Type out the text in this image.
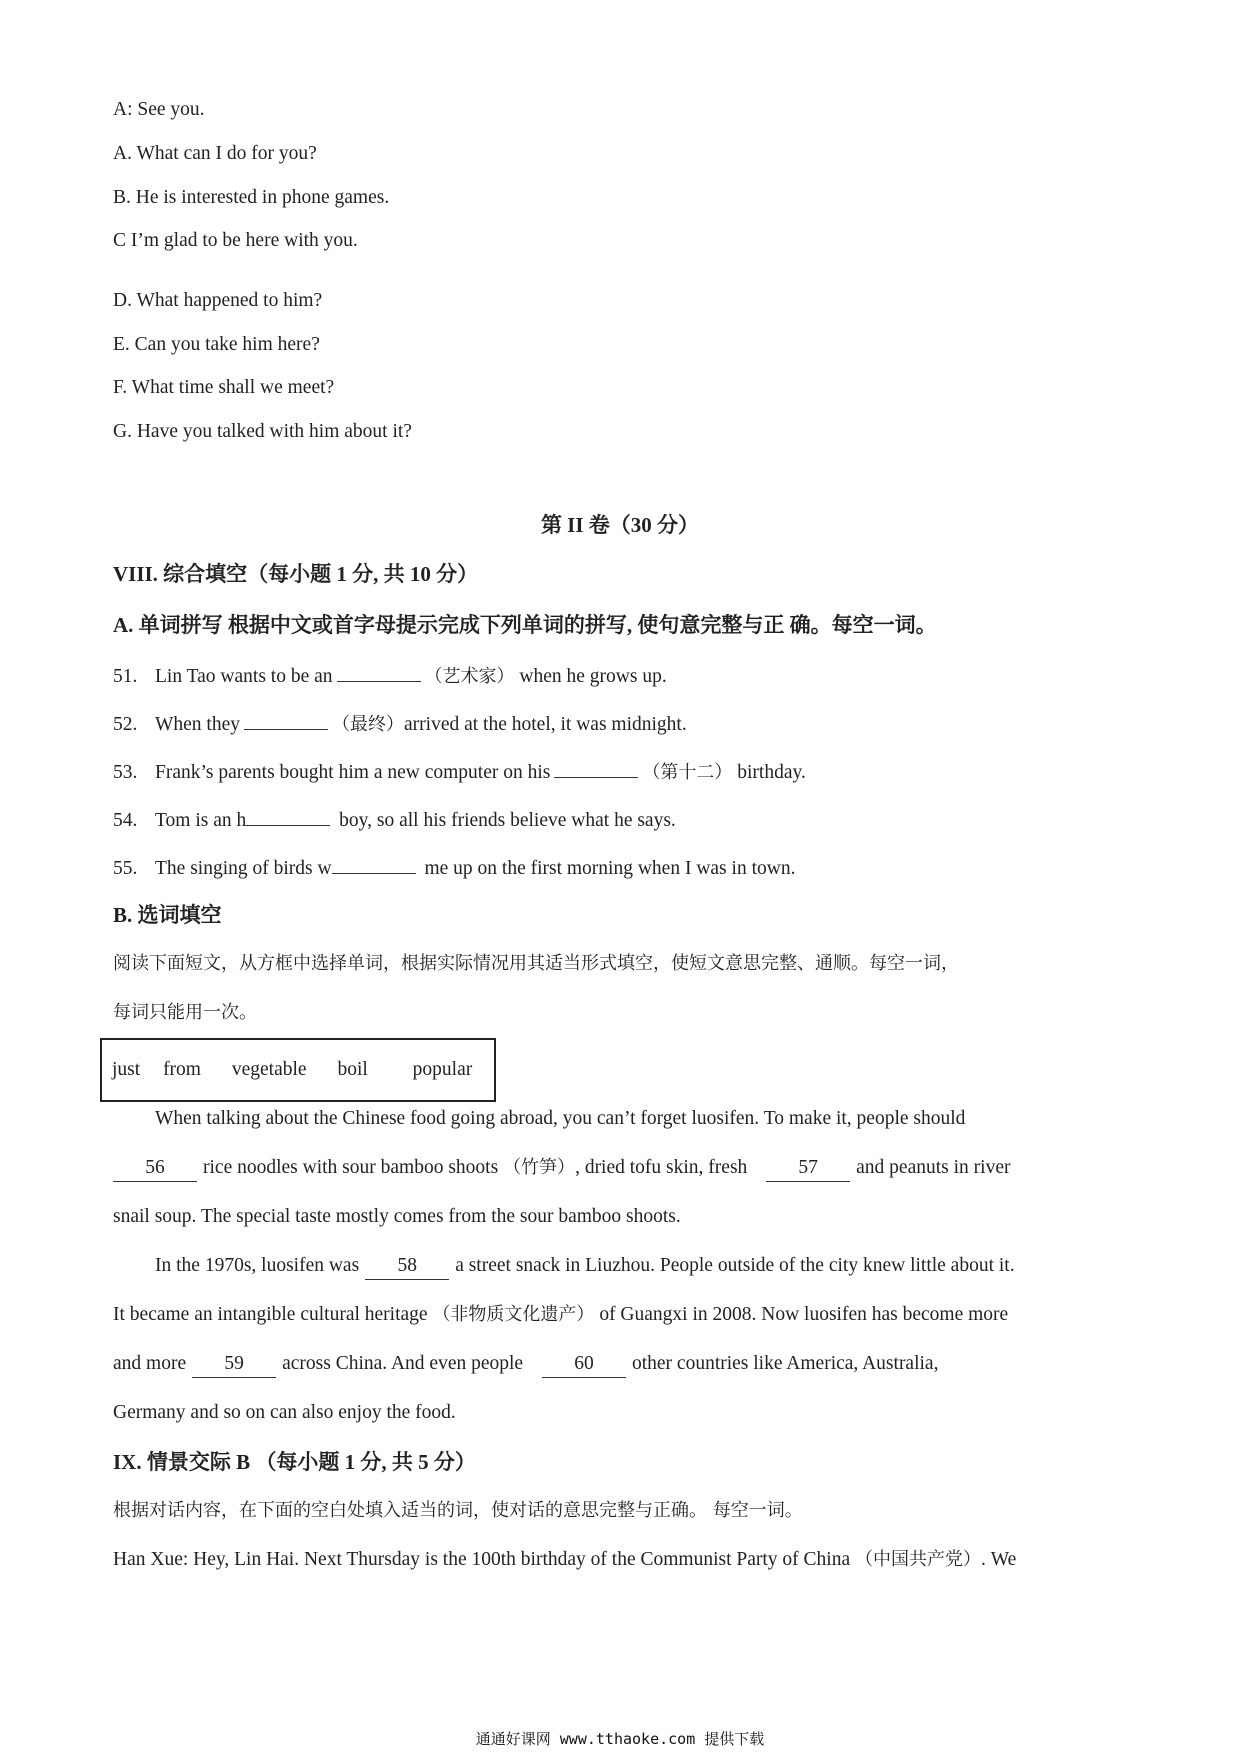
A: See you.
A. What can I do for you?
B. He is interested in phone games.
C I’m glad to be here with you.
D. What happened to him?
E. Can you take him here?
F. What time shall we meet?
G. Have you talked with him about it?
第 II 卷（30 分）
VIII. 综合填空（每小题 1 分, 共 10 分）
A. 单词拼写 根据中文或首字母提示完成下列单词的拼写, 使句意完整与正 确。每空一词。
51. Lin Tao wants to be an	（艺术家） when he grows up.
52. When they	（最终）arrived at the hotel, it was midnight.
53. Frank’s parents bought him a new computer on his	（第十二） birthday.
54. Tom is an h	boy, so all his friends believe what he says.
55. The singing of birds w	me up on the first morning when I was in town.
B. 选词填空
阅读下面短文，从方框中选择单词，根据实际情况用其适当形式填空，使短文意思完整、通顺。每空一词，
每词只能用一次。
just from vegetable boil popular
When talking about the Chinese food going abroad, you can’t forget luosifen. To make it, people should
56 rice noodles with sour bamboo shoots （竹笋）, dried tofu skin, fresh	57 and peanuts in river
snail soup. The special taste mostly comes from the sour bamboo shoots.
In the 1970s, luosifen was 58 a street snack in Liuzhou. People outside of the city knew little about it.
It became an intangible cultural heritage （非物质文化遗产） of Guangxi in 2008. Now luosifen has become more
and more 59 across China. And even people	60 other countries like America, Australia,
Germany and so on can also enjoy the food.
IX. 情景交际 B （每小题 1 分, 共 5 分）
根据对话内容，在下面的空白处填入适当的词，使对话的意思完整与正确。 每空一词。
Han Xue: Hey, Lin Hai. Next Thursday is the 100th birthday of the Communist Party of China （中国共产党）. We
通通好课网 www.tthaoke.com 提供下载
